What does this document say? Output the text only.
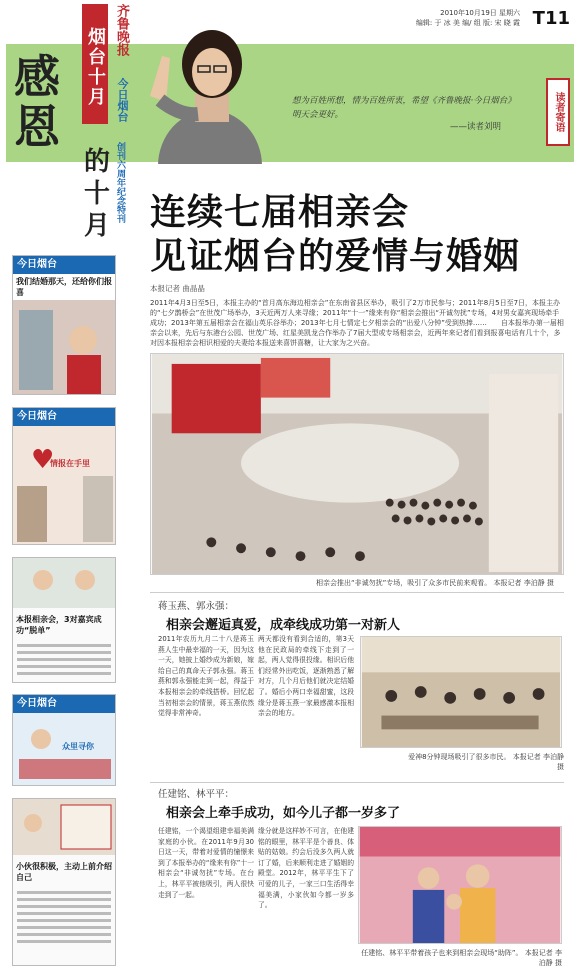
2010年10月19日 星期六
编辑: 于 冰 美 编/ 组 版: 宋 晓 霞 T11
感
恩
的
十
月
烟台十月 齐鲁晚报
今日烟台
创刊六周年纪念特刊
想为百姓所想，情为百姓所衷，希望《齐鲁晚报·今日烟台》明天会更好。
——读者刘明	读者寄语
连续七届相亲会
见证烟台的爱情与婚姻
本报记者 曲晶晶
2011年4月3日至5日，本报主办的“首月高东海边相亲会”在东南省县区举办，吸引了2万市民参与；2011年8月5日至7日，本报主办的“七夕鹊桥会”在世茂广场举办，3天近两万人来寻缘；2011年“十一”缘来有你“相亲会推出“开诚勿扰”专场，4对男女嘉宾现场牵手成功；2013年第五届相亲会在福山英乐谷举办；2013年七月七情定七夕相亲会的“出爱八分钟”受到热捧……　　自本报举办第一届相亲会以来，先后与东港台公园、世茂广场、红星美凯龙合作举办了7届大型或专场相亲会，近两年来记者们看到报喜电话有几十个，多对因本报相亲会相识相爱的夫妻给本报送来喜饼喜糖，让大家为之兴奋。
今日烟台
我们结婚那天，还给你们报喜
今日烟台
♥
情报在手里
本报相亲会，3对嘉宾成功“脱单”
今日烟台
众里寻你
小伙很积极，主动上前介绍自己
相亲会推出“非诚勿扰”专场，吸引了众多市民前来观看。 本报记者 李泊静 摄
蒋玉燕、郭永强：
相亲会邂逅真爱，成牵线成功第一对新人
2011年农历九月二十八是蒋玉燕人生中最幸福的一天，因为这一天，她披上婚纱成为新娘，嫁给自己的真命天子郭永强。蒋玉燕和郭永强能走到一起，得益于本报相亲会的牵线搭桥。回忆起当初相亲会的情景，蒋玉燕依然觉得非常神奇。
两天都没有看到合适的，第3天他在民政局的牵线下走到了一起，两人觉得很投缘。相识后他们经常外出吃饭，逐渐熟悉了解对方，几个月后他们就决定结婚了。婚后小两口幸福甜蜜，这段缘分是蒋玉燕一家最感激本报相亲会的地方。
爱神8分钟现场吸引了很多市民。 本报记者 李泊静 摄
任建铭、林平平：
相亲会上牵手成功，如今儿子都一岁多了
任建铭，一个渴望组建幸福美满家庭的小伙。在2011年9月30日这一天，带着对爱情的憧憬来到了本报举办的“缘来有你”十一相亲会“非诚勿扰”专场。在台上，林平平被他吸引，两人很快走到了一起。
缘分就是这样妙不可言，在他建铭的眼里，林平平是个善良、体贴的姑娘。约会后没多久两人就订了婚，后来顺利走进了婚姻的殿堂。2012年，林平平生下了可爱的儿子，一家三口生活得幸福美满，小家伙如今都一岁多了。
任建铭、林平平带着孩子也来到相亲会现场“助阵”。 本报记者 李泊静 摄
